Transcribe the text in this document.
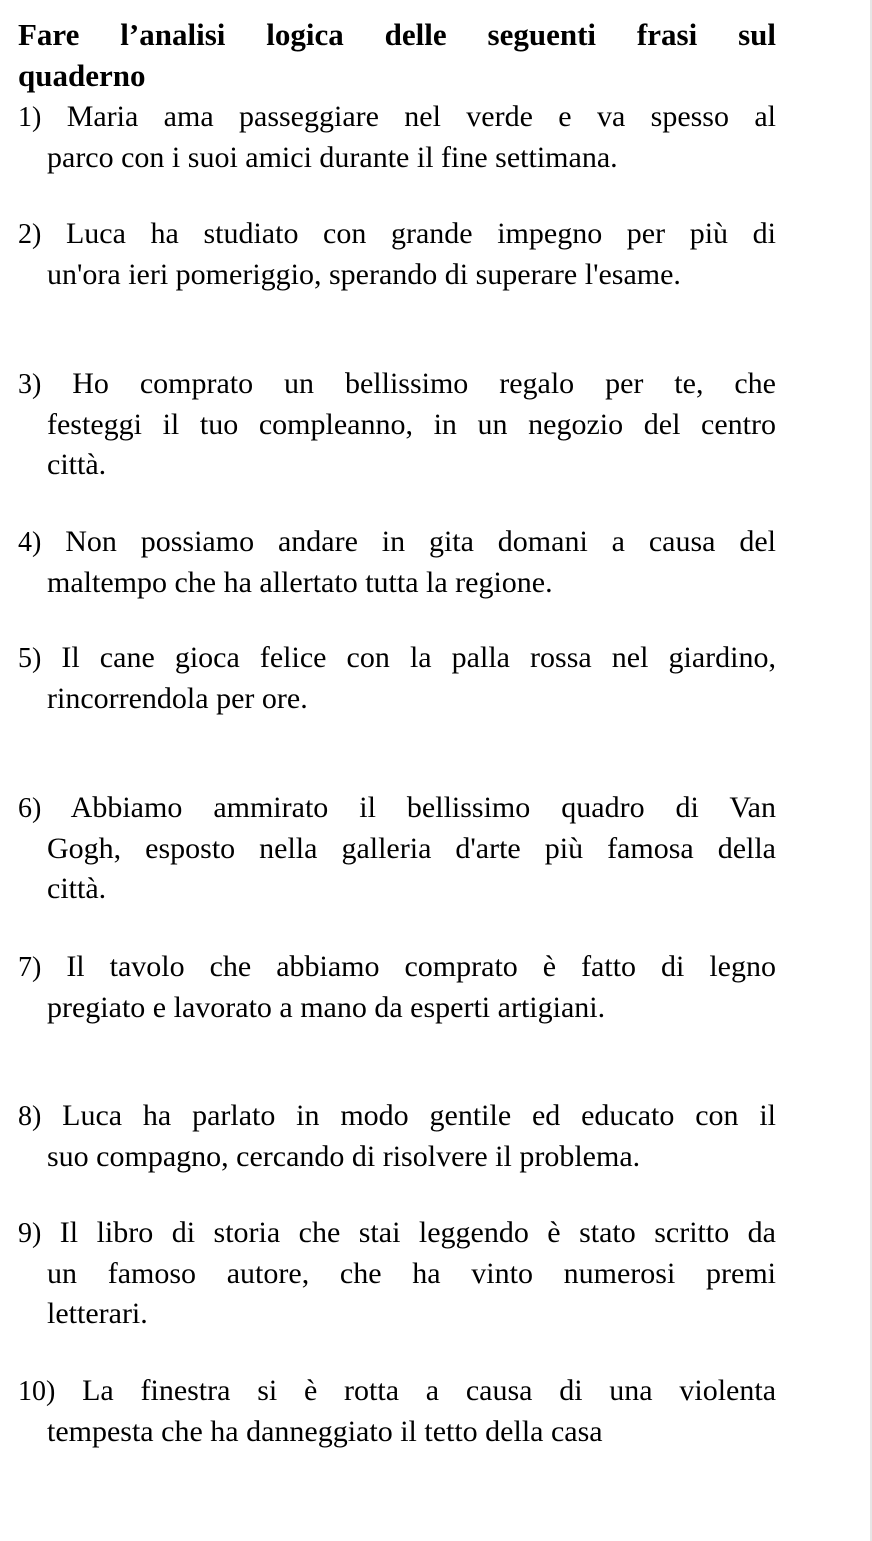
Fare l’analisi logica delle seguenti frasi sul
quaderno
1) Maria ama passeggiare nel verde e va spesso al
parco con i suoi amici durante il fine settimana.
2) Luca ha studiato con grande impegno per più di
un'ora ieri pomeriggio, sperando di superare l'esame.
3) Ho comprato un bellissimo regalo per te, che
festeggi il tuo compleanno, in un negozio del centro
città.
4) Non possiamo andare in gita domani a causa del
maltempo che ha allertato tutta la regione.
5) Il cane gioca felice con la palla rossa nel giardino,
rincorrendola per ore.
6) Abbiamo ammirato il bellissimo quadro di Van
Gogh, esposto nella galleria d'arte più famosa della
città.
7) Il tavolo che abbiamo comprato è fatto di legno
pregiato e lavorato a mano da esperti artigiani.
8) Luca ha parlato in modo gentile ed educato con il
suo compagno, cercando di risolvere il problema.
9) Il libro di storia che stai leggendo è stato scritto da
un famoso autore, che ha vinto numerosi premi
letterari.
10) La finestra si è rotta a causa di una violenta
tempesta che ha danneggiato il tetto della casa
